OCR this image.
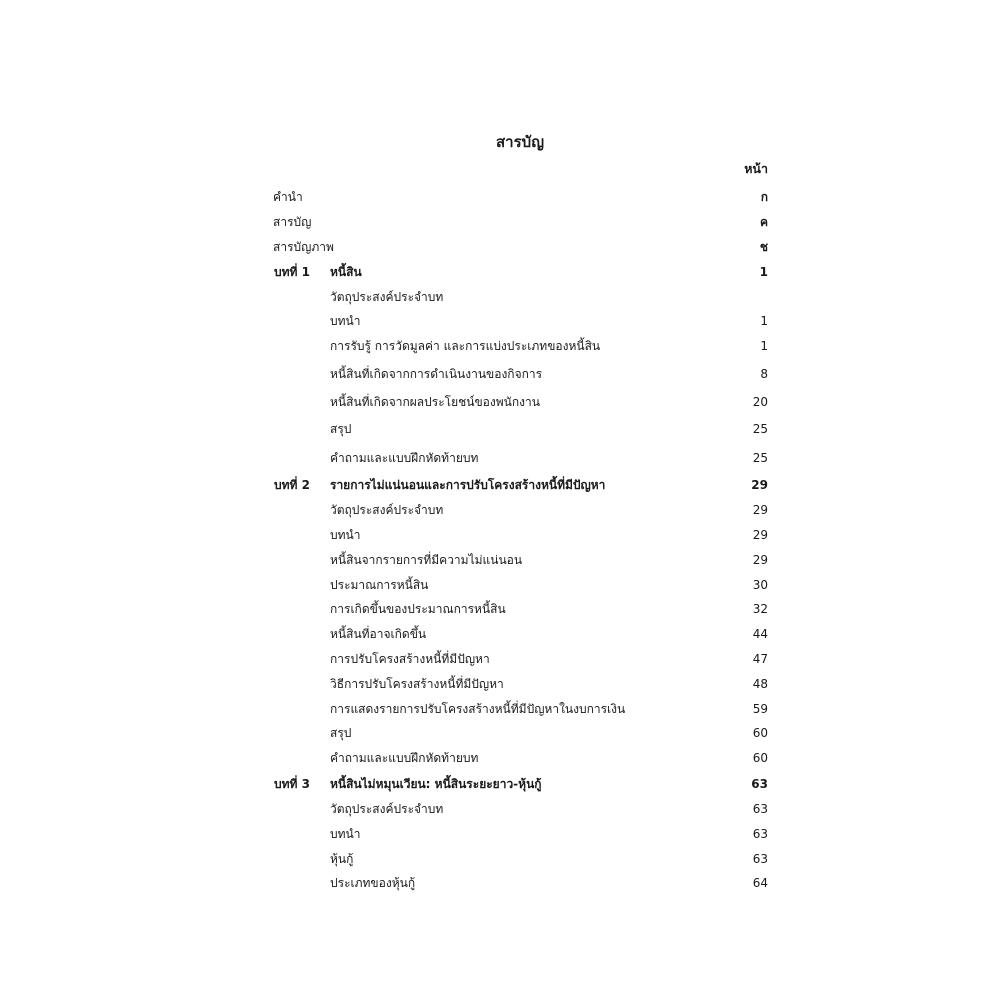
สารบัญ
หน้า
คำนำ	ก
สารบัญ	ค
สารบัญภาพ	ช
บทที่ 1 หนี้สิน	1
วัตถุประสงค์ประจำบท
บทนำ	1
การรับรู้ การวัดมูลค่า และการแบ่งประเภทของหนี้สิน	1
หนี้สินที่เกิดจากการดำเนินงานของกิจการ	8
หนี้สินที่เกิดจากผลประโยชน์ของพนักงาน	20
สรุป	25
คำถามและแบบฝึกหัดท้ายบท	25
บทที่ 2 รายการไม่แน่นอนและการปรับโครงสร้างหนี้ที่มีปัญหา	29
วัตถุประสงค์ประจำบท	29
บทนำ	29
หนี้สินจากรายการที่มีความไม่แน่นอน	29
ประมาณการหนี้สิน	30
การเกิดขึ้นของประมาณการหนี้สิน	32
หนี้สินที่อาจเกิดขึ้น	44
การปรับโครงสร้างหนี้ที่มีปัญหา	47
วิธีการปรับโครงสร้างหนี้ที่มีปัญหา	48
การแสดงรายการปรับโครงสร้างหนี้ที่มีปัญหาในงบการเงิน	59
สรุป	60
คำถามและแบบฝึกหัดท้ายบท	60
บทที่ 3 หนี้สินไม่หมุนเวียน: หนี้สินระยะยาว-หุ้นกู้	63
วัตถุประสงค์ประจำบท	63
บทนำ	63
หุ้นกู้	63
ประเภทของหุ้นกู้	64
